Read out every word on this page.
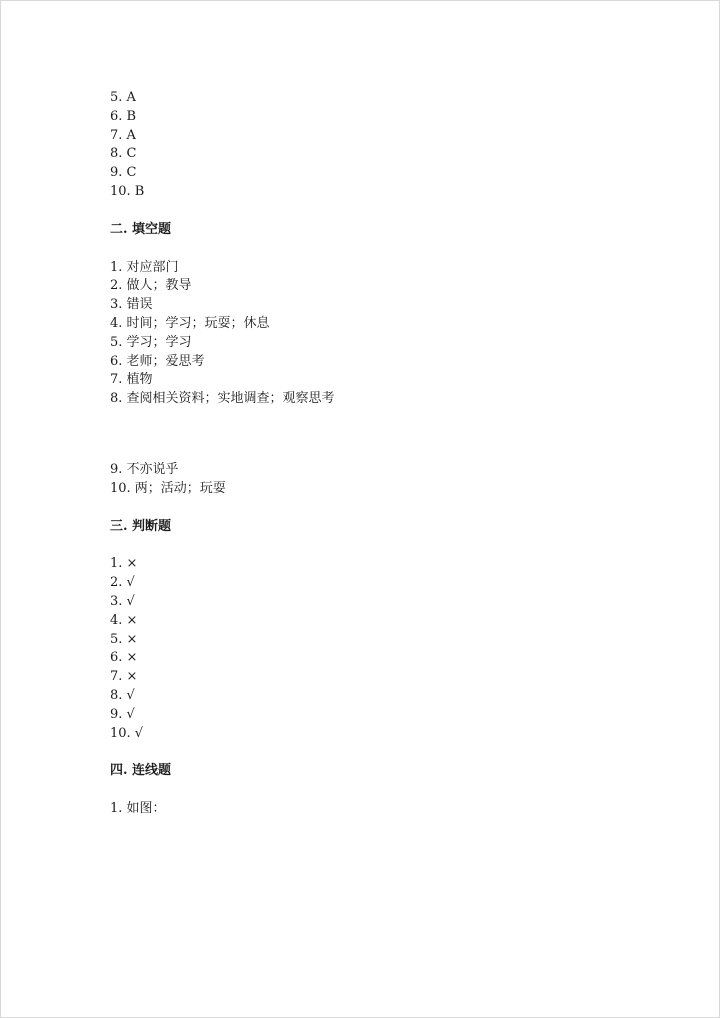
5. A
6. B
7. A
8. C
9. C
10. B
二. 填空题
1. 对应部门
2. 做人；教导
3. 错误
4. 时间；学习；玩耍；休息
5. 学习；学习
6. 老师；爱思考
7. 植物
8. 查阅相关资料；实地调查；观察思考
9. 不亦说乎
10. 两；活动；玩耍
三. 判断题
1. ×
2. √
3. √
4. ×
5. ×
6. ×
7. ×
8. √
9. √
10. √
四. 连线题
1. 如图：
